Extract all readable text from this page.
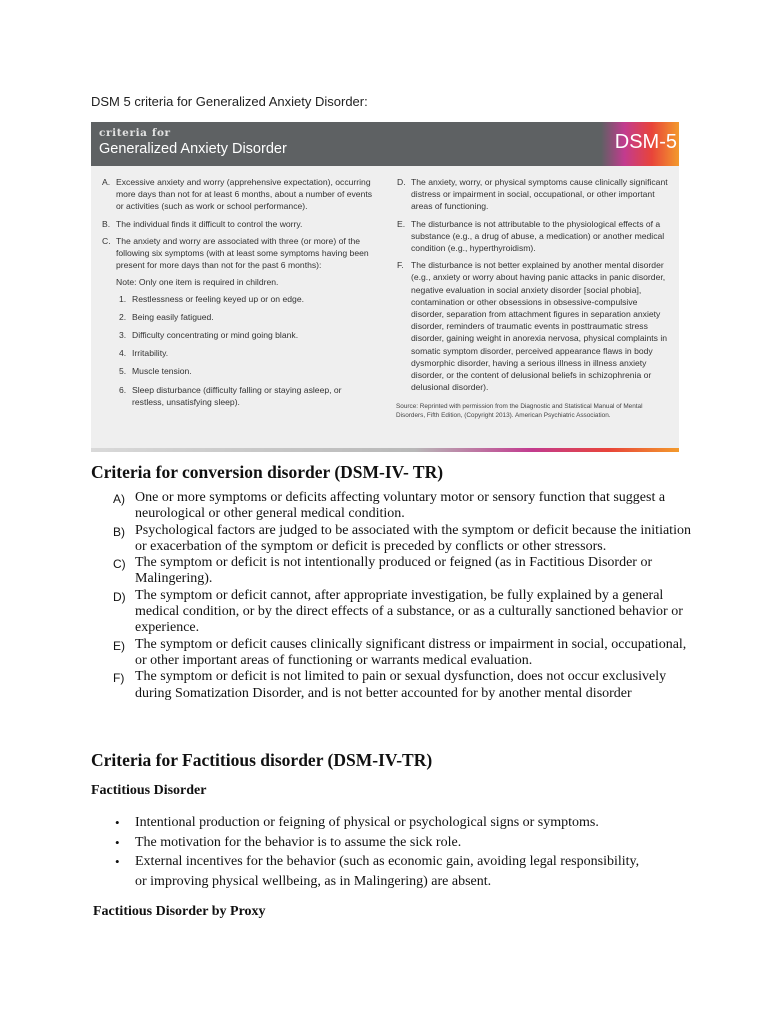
DSM 5 criteria for Generalized Anxiety Disorder:
criteria for
Generalized Anxiety Disorder	DSM-5
A. Excessive anxiety and worry (apprehensive expectation), occurring more days than not for at least 6 months, about a number of events or activities (such as work or school performance).
B. The individual finds it difficult to control the worry.
C. The anxiety and worry are associated with three (or more) of the following six symptoms (with at least some symptoms having been present for more days than not for the past 6 months):
Note: Only one item is required in children.
1. Restlessness or feeling keyed up or on edge.
2. Being easily fatigued.
3. Difficulty concentrating or mind going blank.
4. Irritability.
5. Muscle tension.
6. Sleep disturbance (difficulty falling or staying asleep, or restless, unsatisfying sleep).
D. The anxiety, worry, or physical symptoms cause clinically significant distress or impairment in social, occupational, or other important areas of functioning.
E. The disturbance is not attributable to the physiological effects of a substance (e.g., a drug of abuse, a medication) or another medical condition (e.g., hyperthyroidism).
F. The disturbance is not better explained by another mental disorder (e.g., anxiety or worry about having panic attacks in panic disorder, negative evaluation in social anxiety disorder [social phobia], contamination or other obsessions in obsessive-compulsive disorder, separation from attachment figures in separation anxiety disorder, reminders of traumatic events in posttraumatic stress disorder, gaining weight in anorexia nervosa, physical complaints in somatic symptom disorder, perceived appearance flaws in body dysmorphic disorder, having a serious illness in illness anxiety disorder, or the content of delusional beliefs in schizophrenia or delusional disorder).
Source: Reprinted with permission from the Diagnostic and Statistical Manual of Mental Disorders, Fifth Edition, (Copyright 2013). American Psychiatric Association.
Criteria for conversion disorder (DSM-IV- TR)
A) One or more symptoms or deficits affecting voluntary motor or sensory function that suggest a neurological or other general medical condition.
B) Psychological factors are judged to be associated with the symptom or deficit because the initiation or exacerbation of the symptom or deficit is preceded by conflicts or other stressors.
C) The symptom or deficit is not intentionally produced or feigned (as in Factitious Disorder or Malingering).
D) The symptom or deficit cannot, after appropriate investigation, be fully explained by a general medical condition, or by the direct effects of a substance, or as a culturally sanctioned behavior or experience.
E) The symptom or deficit causes clinically significant distress or impairment in social, occupational, or other important areas of functioning or warrants medical evaluation.
F) The symptom or deficit is not limited to pain or sexual dysfunction, does not occur exclusively during Somatization Disorder, and is not better accounted for by another mental disorder
Criteria for Factitious disorder (DSM-IV-TR)
Factitious Disorder
• Intentional production or feigning of physical or psychological signs or symptoms.
• The motivation for the behavior is to assume the sick role.
• External incentives for the behavior (such as economic gain, avoiding legal responsibility, or improving physical wellbeing, as in Malingering) are absent.
Factitious Disorder by Proxy
